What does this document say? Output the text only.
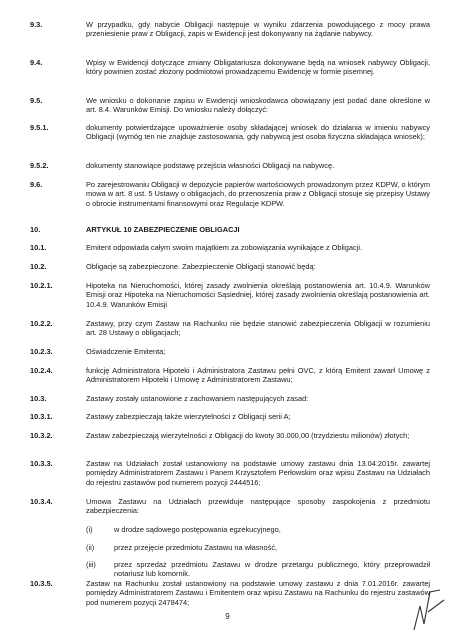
9.3.	W przypadku, gdy nabycie Obligacji następuje w wyniku zdarzenia powodującego z mocy prawa przeniesienie praw z Obligacji, zapis w Ewidencji jest dokonywany na żądanie nabywcy.
9.4.	Wpisy w Ewidencji dotyczące zmiany Obligatariusza dokonywane będą na wniosek nabywcy Obligacji, który powinien zostać złożony podmiotowi prowadzącemu Ewidencję w formie pisemnej.
9.5.	We wniosku o dokonanie zapisu w Ewidencji wnioskodawca obowiązany jest podać dane określone w art. 8.4. Warunków Emisji. Do wniosku należy dołączyć:
9.5.1.	dokumenty potwierdzające upoważnienie osoby składającej wniosek do działania w imieniu nabywcy Obligacji (wymóg ten nie znajduje zastosowania, gdy nabywcą jest osoba fizyczna składająca wniosek);
9.5.2.	dokumenty stanowiące podstawę przejścia własności Obligacji na nabywcę.
9.6.	Po zarejestrowaniu Obligacji w depozycie papierów wartościowych prowadzonym przez KDPW, o którym mowa w art. 8 ust. 5 Ustawy o obligacjach, do przenoszenia praw z Obligacji stosuje się przepisy Ustawy o obrocie instrumentami finansowymi oraz Regulacje KDPW.
10.	ARTYKUŁ 10 ZABEZPIECZENIE OBLIGACJI
10.1.	Emitent odpowiada całym swoim majątkiem za zobowiązania wynikające z Obligacji.
10.2.	Obligacje są zabezpieczone. Zabezpieczenie Obligacji stanowić będą:
10.2.1.	Hipoteka na Nieruchomości, której zasady zwolnienia określają postanowienia art. 10.4.9. Warunków Emisji oraz Hipoteka na Nieruchomości Sąsiedniej, której zasady zwolnienia określają postanowienia art. 10.4.9. Warunków Emisji
10.2.2.	Zastawy, przy czym Zastaw na Rachunku nie będzie stanowić zabezpieczenia Obligacji w rozumieniu art. 28 Ustawy o obligacjach;
10.2.3.	Oświadczenie Emitenta;
10.2.4.	funkcję Administratora Hipoteki i Administratora Zastawu pełni OVC, z którą Emitent zawarł Umowę z Administratorem Hipoteki i Umowę z Administratorem Zastawu;
10.3.	Zastawy zostały ustanowione z zachowaniem następujących zasad:
10.3.1.	Zastawy zabezpieczają także wierzytelności z Obligacji serii A;
10.3.2.	Zastaw zabezpieczają wierzytelności z Obligacji do kwoty 30.000,00 (trzydziestu milionów) złotych;
10.3.3.	Zastaw na Udziałach został ustanowiony na podstawie umowy zastawu dnia 13.04.2015r. zawartej pomiędzy Administratorem Zastawu i Panem Krzysztofem Perłowskim oraz wpisu Zastawu na Udziałach do rejestru zastawów pod numerem pozycji 2444516;
10.3.4.	Umowa Zastawu na Udziałach przewiduje następujące sposoby zaspokojenia z przedmiotu zabezpieczenia:
(i)	w drodze sądowego postępowania egzekucyjnego,
(ii)	przez przejęcie przedmiotu Zastawu na własność,
(iii)	przez sprzedaż przedmiotu Zastawu w drodze przetargu publicznego, który przeprowadził notariusz lub komornik.
10.3.5.	Zastaw na Rachunku został ustanowiony na podstawie umowy zastawu z dnia 7.01.2016r. zawartej pomiędzy Administratorem Zastawu i Emitentem oraz wpisu Zastawu na Rachunku do rejestru zastawów pod numerem pozycji 2478474;
9
